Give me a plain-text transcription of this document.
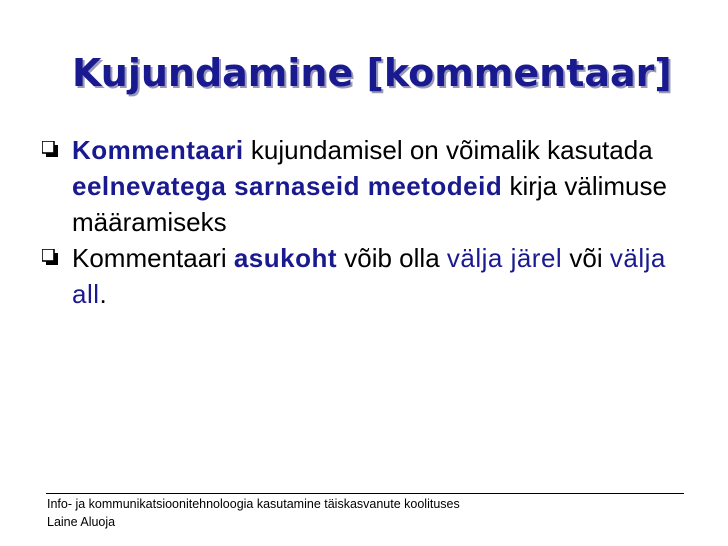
Kujundamine [kommentaar]
Kommentaari kujundamisel on võimalik kasutada eelnevatega sarnaseid meetodeid kirja välimuse määramiseks
Kommentaari asukoht võib olla välja järel või välja all.
Info- ja kommunikatsioonitehnoloogia kasutamine täiskasvanute koolituses
Laine Aluoja
